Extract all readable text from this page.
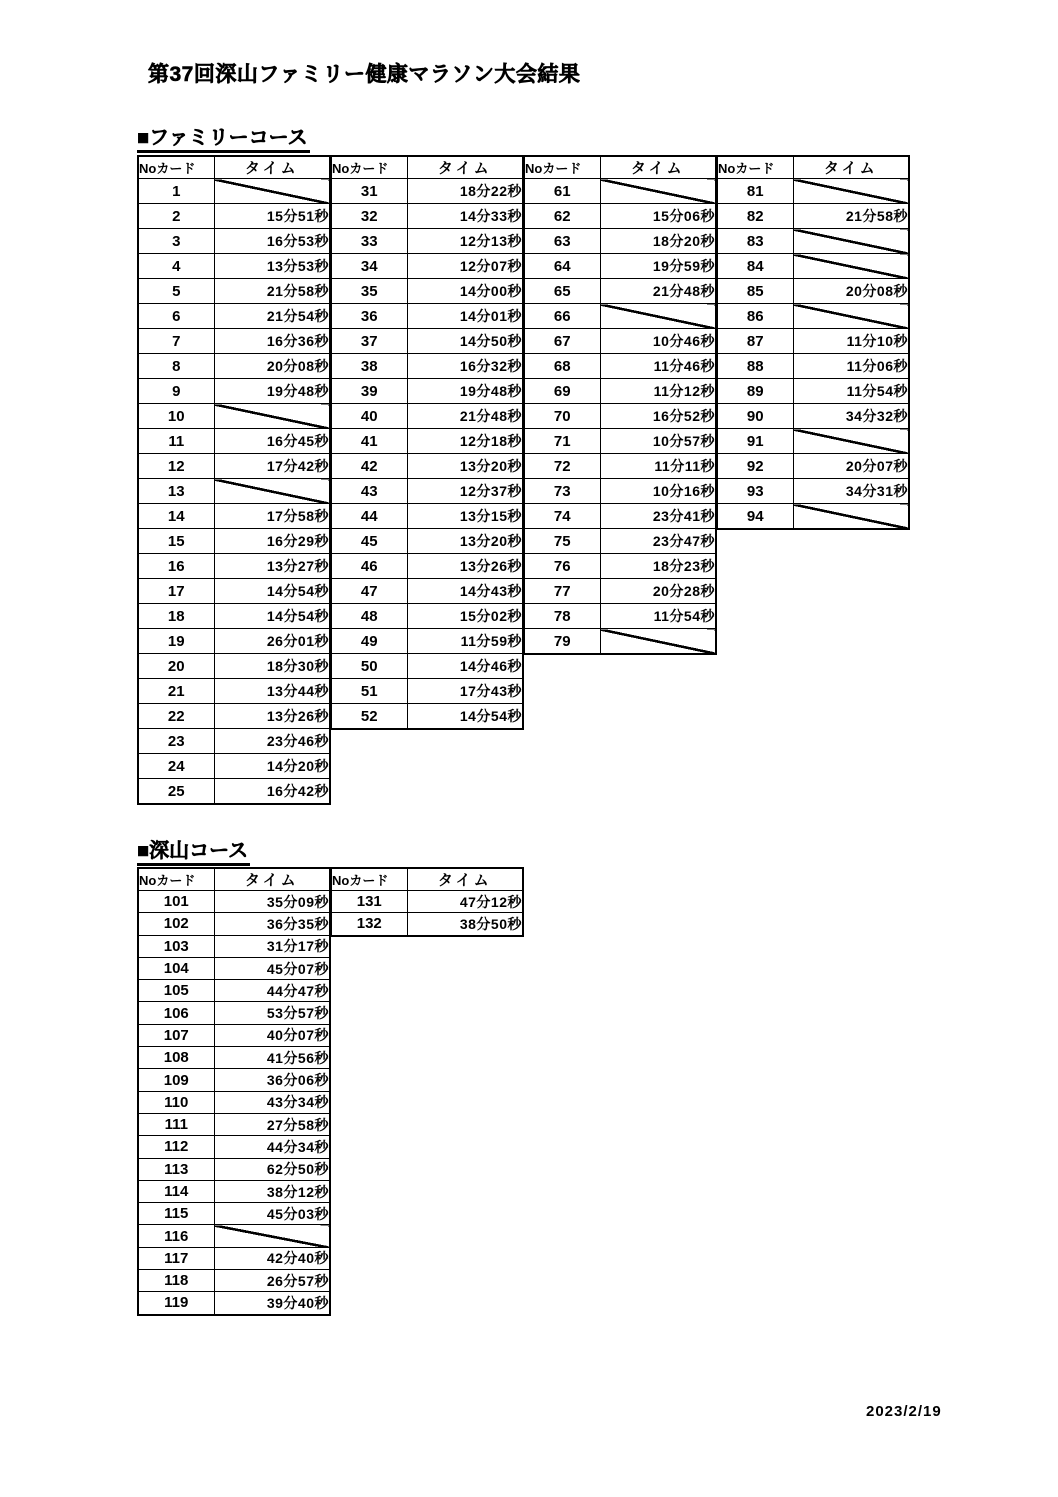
第37回深山ファミリー健康マラソン大会結果
■ファミリーコース
Noカード	タイム
1	
2	15分51秒
3	16分53秒
4	13分53秒
5	21分58秒
6	21分54秒
7	16分36秒
8	20分08秒
9	19分48秒
10	
11	16分45秒
12	17分42秒
13	
14	17分58秒
15	16分29秒
16	13分27秒
17	14分54秒
18	14分54秒
19	26分01秒
20	18分30秒
21	13分44秒
22	13分26秒
23	23分46秒
24	14分20秒
25	16分42秒
Noカード	タイム
31	18分22秒
32	14分33秒
33	12分13秒
34	12分07秒
35	14分00秒
36	14分01秒
37	14分50秒
38	16分32秒
39	19分48秒
40	21分48秒
41	12分18秒
42	13分20秒
43	12分37秒
44	13分15秒
45	13分20秒
46	13分26秒
47	14分43秒
48	15分02秒
49	11分59秒
50	14分46秒
51	17分43秒
52	14分54秒
Noカード	タイム
61	
62	15分06秒
63	18分20秒
64	19分59秒
65	21分48秒
66	
67	10分46秒
68	11分46秒
69	11分12秒
70	16分52秒
71	10分57秒
72	11分11秒
73	10分16秒
74	23分41秒
75	23分47秒
76	18分23秒
77	20分28秒
78	11分54秒
79	
Noカード	タイム
81	
82	21分58秒
83	
84	
85	20分08秒
86	
87	11分10秒
88	11分06秒
89	11分54秒
90	34分32秒
91	
92	20分07秒
93	34分31秒
94	
■深山コース
Noカード	タイム
101	35分09秒
102	36分35秒
103	31分17秒
104	45分07秒
105	44分47秒
106	53分57秒
107	40分07秒
108	41分56秒
109	36分06秒
110	43分34秒
111	27分58秒
112	44分34秒
113	62分50秒
114	38分12秒
115	45分03秒
116	
117	42分40秒
118	26分57秒
119	39分40秒
Noカード	タイム
131	47分12秒
132	38分50秒
2023/2/19
